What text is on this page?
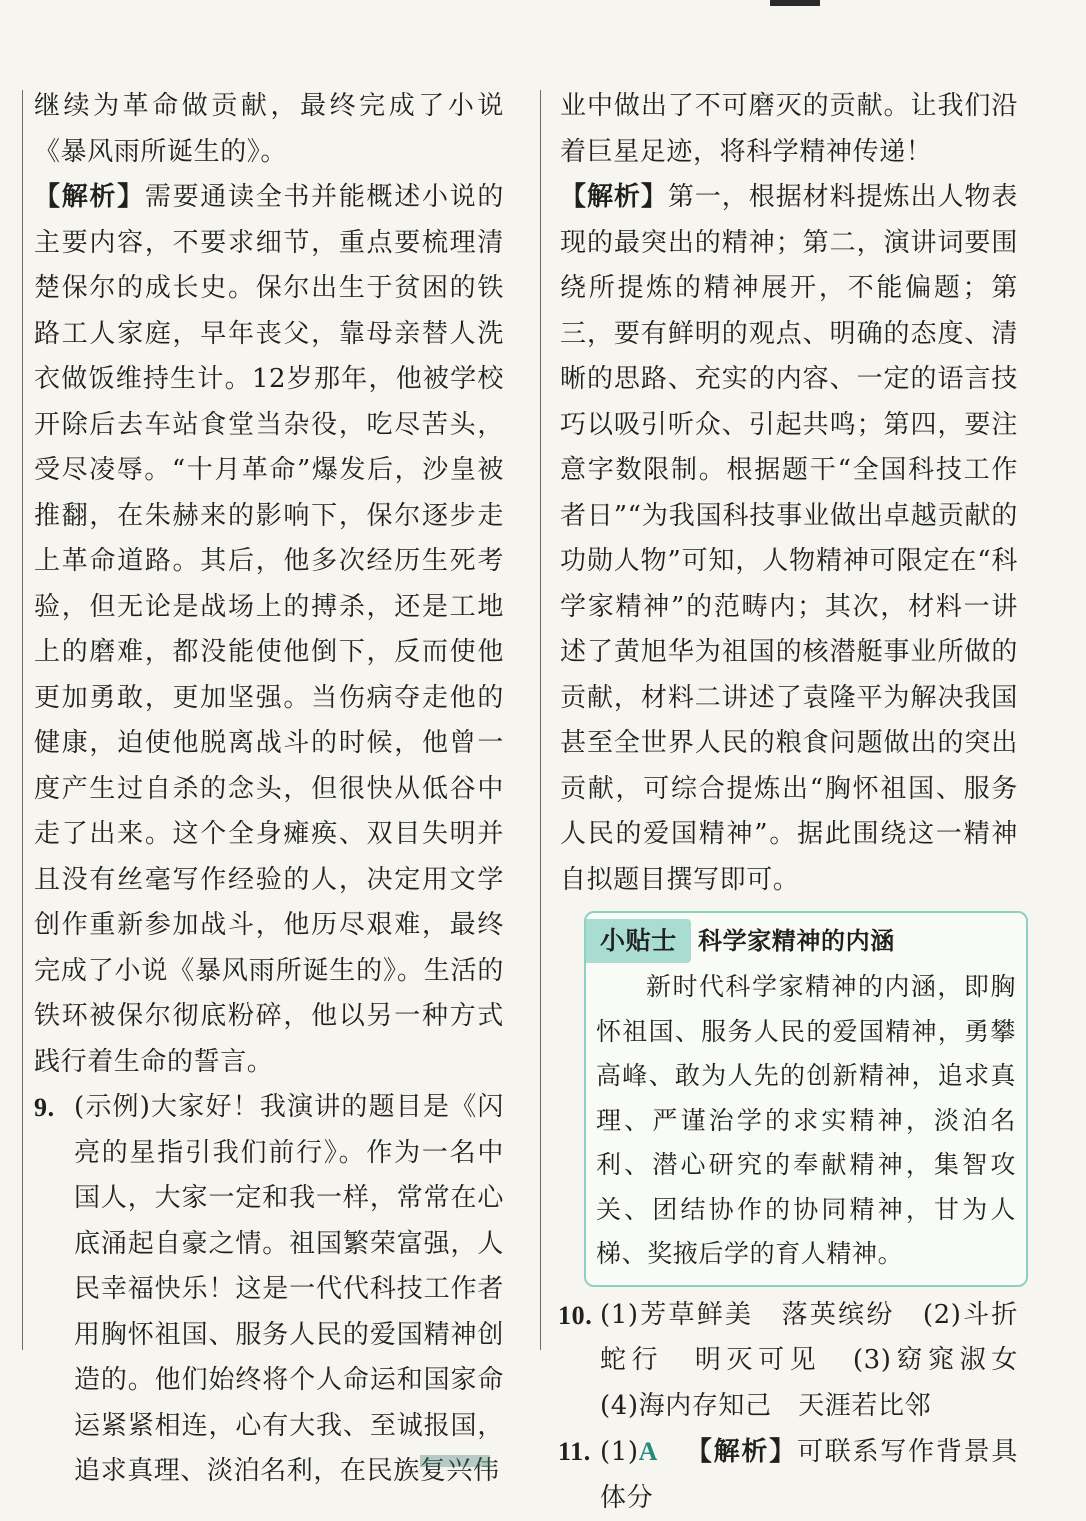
继续为革命做贡献，最终完成了小说《暴风雨所诞生的》。

【解析】需要通读全书并能概述小说的主要内容，不要求细节，重点要梳理清楚保尔的成长史。保尔出生于贫困的铁路工人家庭，早年丧父，靠母亲替人洗衣做饭维持生计。12岁那年，他被学校开除后去车站食堂当杂役，吃尽苦头，受尽凌辱。“十月革命”爆发后，沙皇被推翻，在朱赫来的影响下，保尔逐步走上革命道路。其后，他多次经历生死考验，但无论是战场上的搏杀，还是工地上的磨难，都没能使他倒下，反而使他更加勇敢，更加坚强。当伤病夺走他的健康，迫使他脱离战斗的时候，他曾一度产生过自杀的念头，但很快从低谷中走了出来。这个全身瘫痪、双目失明并且没有丝毫写作经验的人，决定用文学创作重新参加战斗，他历尽艰难，最终完成了小说《暴风雨所诞生的》。生活的铁环被保尔彻底粉碎，他以另一种方式践行着生命的誓言。

9. (示例)大家好！我演讲的题目是《闪亮的星指引我们前行》。作为一名中国人，大家一定和我一样，常常在心底涌起自豪之情。祖国繁荣富强，人民幸福快乐！这是一代代科技工作者用胸怀祖国、服务人民的爱国精神创造的。他们始终将个人命运和国家命运紧紧相连，心有大我、至诚报国，追求真理、淡泊名利，在民族复兴伟

业中做出了不可磨灭的贡献。让我们沿着巨星足迹，将科学精神传递！

【解析】第一，根据材料提炼出人物表现的最突出的精神；第二，演讲词要围绕所提炼的精神展开，不能偏题；第三，要有鲜明的观点、明确的态度、清晰的思路、充实的内容、一定的语言技巧以吸引听众、引起共鸣；第四，要注意字数限制。根据题干“全国科技工作者日”“为我国科技事业做出卓越贡献的功勋人物”可知，人物精神可限定在“科学家精神”的范畴内；其次，材料一讲述了黄旭华为祖国的核潜艇事业所做的贡献，材料二讲述了袁隆平为解决我国甚至全世界人民的粮食问题做出的突出贡献，可综合提炼出“胸怀祖国、服务人民的爱国精神”。据此围绕这一精神自拟题目撰写即可。

小贴士 科学家精神的内涵

新时代科学家精神的内涵，即胸怀祖国、服务人民的爱国精神，勇攀高峰、敢为人先的创新精神，追求真理、严谨治学的求实精神，淡泊名利、潜心研究的奉献精神，集智攻关、团结协作的协同精神，甘为人梯、奖掖后学的育人精神。

10. (1)芳草鲜美　落英缤纷　(2)斗折蛇行　明灭可见　(3)窈窕淑女　(4)海内存知己　天涯若比邻

11. (1)A  【解析】可联系写作背景具体分
